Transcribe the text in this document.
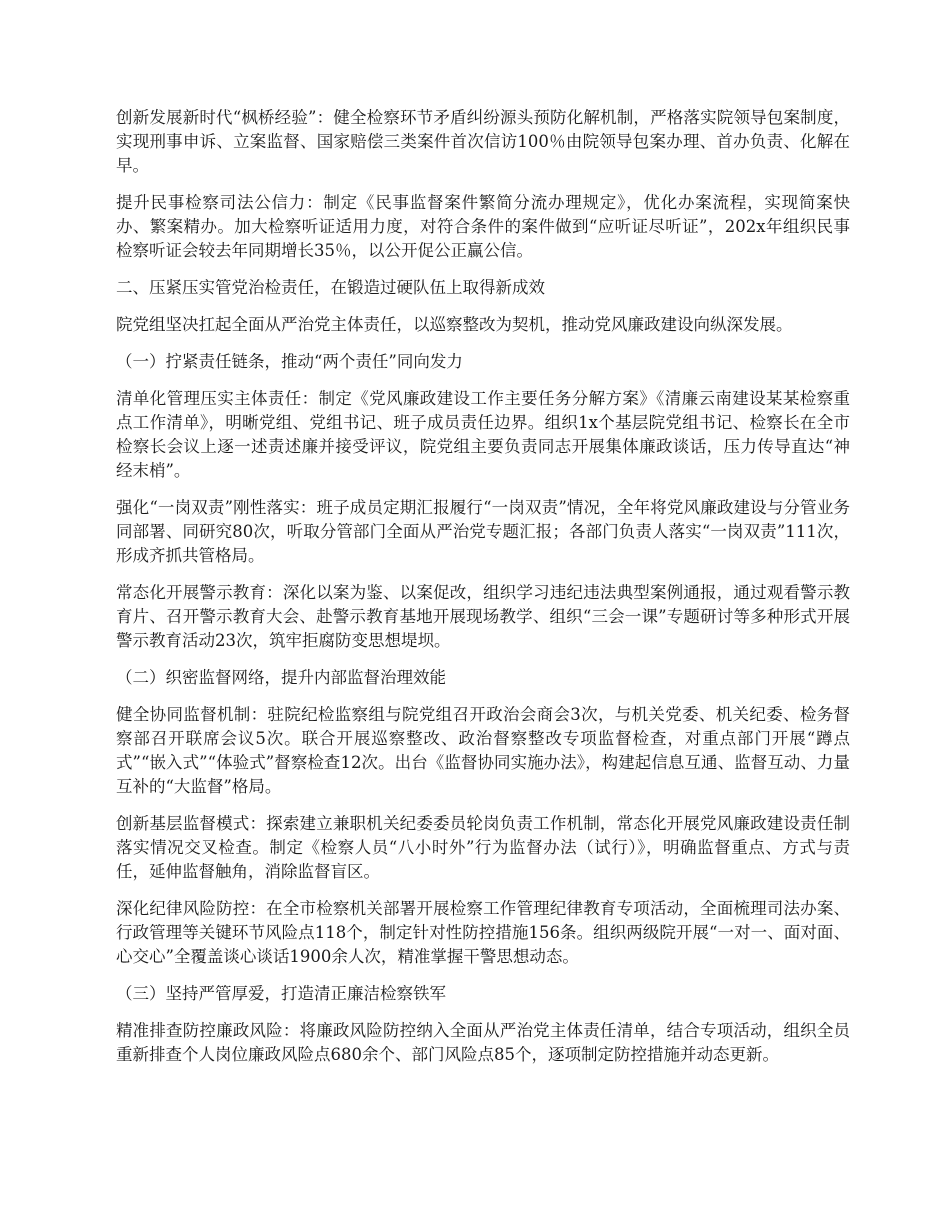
创新发展新时代“枫桥经验”：健全检察环节矛盾纠纷源头预防化解机制，严格落实院领导包案制度，实现刑事申诉、立案监督、国家赔偿三类案件首次信访100％由院领导包案办理、首办负责、化解在早。

提升民事检察司法公信力：制定《民事监督案件繁简分流办理规定》，优化办案流程，实现简案快办、繁案精办。加大检察听证适用力度，对符合条件的案件做到“应听证尽听证”，202x年组织民事检察听证会较去年同期增长35％，以公开促公正赢公信。

二、压紧压实管党治检责任，在锻造过硬队伍上取得新成效

院党组坚决扛起全面从严治党主体责任，以巡察整改为契机，推动党风廉政建设向纵深发展。

（一）拧紧责任链条，推动“两个责任”同向发力

清单化管理压实主体责任：制定《党风廉政建设工作主要任务分解方案》《清廉云南建设某某检察重点工作清单》，明晰党组、党组书记、班子成员责任边界。组织1x个基层院党组书记、检察长在全市检察长会议上逐一述责述廉并接受评议，院党组主要负责同志开展集体廉政谈话，压力传导直达“神经末梢”。

强化“一岗双责”刚性落实：班子成员定期汇报履行“一岗双责”情况，全年将党风廉政建设与分管业务同部署、同研究80次，听取分管部门全面从严治党专题汇报；各部门负责人落实“一岗双责”111次，形成齐抓共管格局。

常态化开展警示教育：深化以案为鉴、以案促改，组织学习违纪违法典型案例通报，通过观看警示教育片、召开警示教育大会、赴警示教育基地开展现场教学、组织“三会一课”专题研讨等多种形式开展警示教育活动23次，筑牢拒腐防变思想堤坝。

（二）织密监督网络，提升内部监督治理效能

健全协同监督机制：驻院纪检监察组与院党组召开政治会商会3次，与机关党委、机关纪委、检务督察部召开联席会议5次。联合开展巡察整改、政治督察整改专项监督检查，对重点部门开展“蹲点式”“嵌入式”“体验式”督察检查12次。出台《监督协同实施办法》，构建起信息互通、监督互动、力量互补的“大监督”格局。

创新基层监督模式：探索建立兼职机关纪委委员轮岗负责工作机制，常态化开展党风廉政建设责任制落实情况交叉检查。制定《检察人员“八小时外”行为监督办法（试行）》，明确监督重点、方式与责任，延伸监督触角，消除监督盲区。

深化纪律风险防控：在全市检察机关部署开展检察工作管理纪律教育专项活动，全面梳理司法办案、行政管理等关键环节风险点118个，制定针对性防控措施156条。组织两级院开展“一对一、面对面、心交心”全覆盖谈心谈话1900余人次，精准掌握干警思想动态。

（三）坚持严管厚爱，打造清正廉洁检察铁军

精准排查防控廉政风险：将廉政风险防控纳入全面从严治党主体责任清单，结合专项活动，组织全员重新排查个人岗位廉政风险点680余个、部门风险点85个，逐项制定防控措施并动态更新。
